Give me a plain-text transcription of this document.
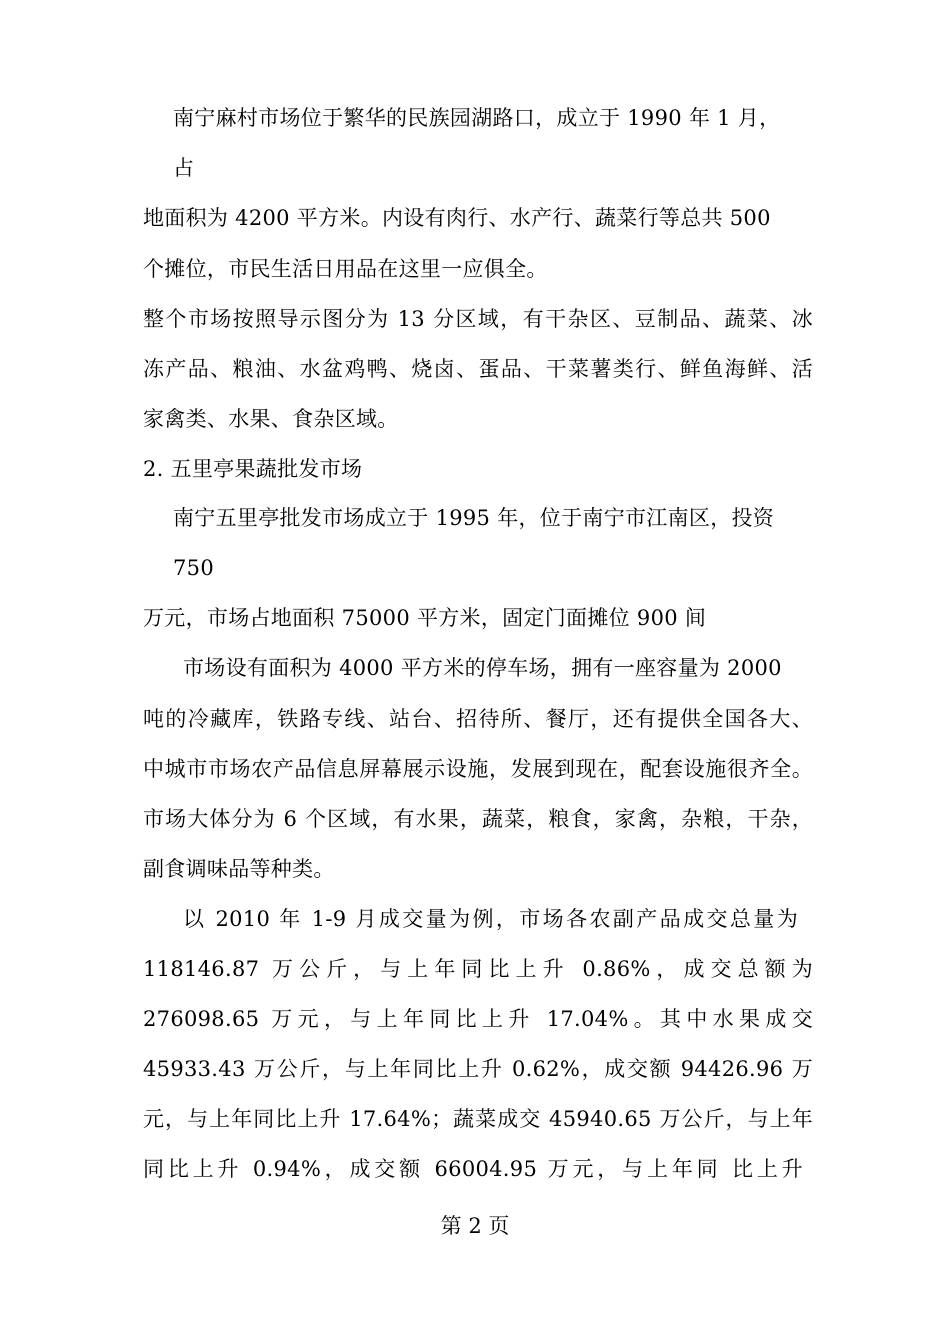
南宁麻村市场位于繁华的民族园湖路口，成立于 1990 年 1 月，
占
地面积为 4200 平方米。内设有肉行、水产行、蔬菜行等总共 500
个摊位，市民生活日用品在这里一应俱全。
整个市场按照导示图分为 13 分区域，有干杂区、豆制品、蔬菜、冰
冻产品、粮油、水盆鸡鸭、烧卤、蛋品、干菜薯类行、鲜鱼海鲜、活
家禽类、水果、食杂区域。
2. 五里亭果蔬批发市场
南宁五里亭批发市场成立于 1995 年，位于南宁市江南区，投资
750
万元，市场占地面积 75000 平方米，固定门面摊位 900 间
市场设有面积为 4000 平方米的停车场，拥有一座容量为 2000
吨的冷藏库，铁路专线、站台、招待所、餐厅，还有提供全国各大、
中城市市场农产品信息屏幕展示设施，发展到现在，配套设施很齐全。
市场大体分为 6 个区域，有水果，蔬菜，粮食，家禽，杂粮，干杂，
副食调味品等种类。
以 2010 年 1-9 月成交量为例，市场各农副产品成交总量为
118146.87 万公斤，与上年同比上升 0.86%，成交总额为
276098.65 万元，与上年同比上升 17.04%。其中水果成交
45933.43 万公斤，与上年同比上升 0.62%，成交额 94426.96 万
元，与上年同比上升 17.64%；蔬菜成交 45940.65 万公斤，与上年
同比上升 0.94%，成交额 66004.95 万元，与上年同 比上升
第 2 页
